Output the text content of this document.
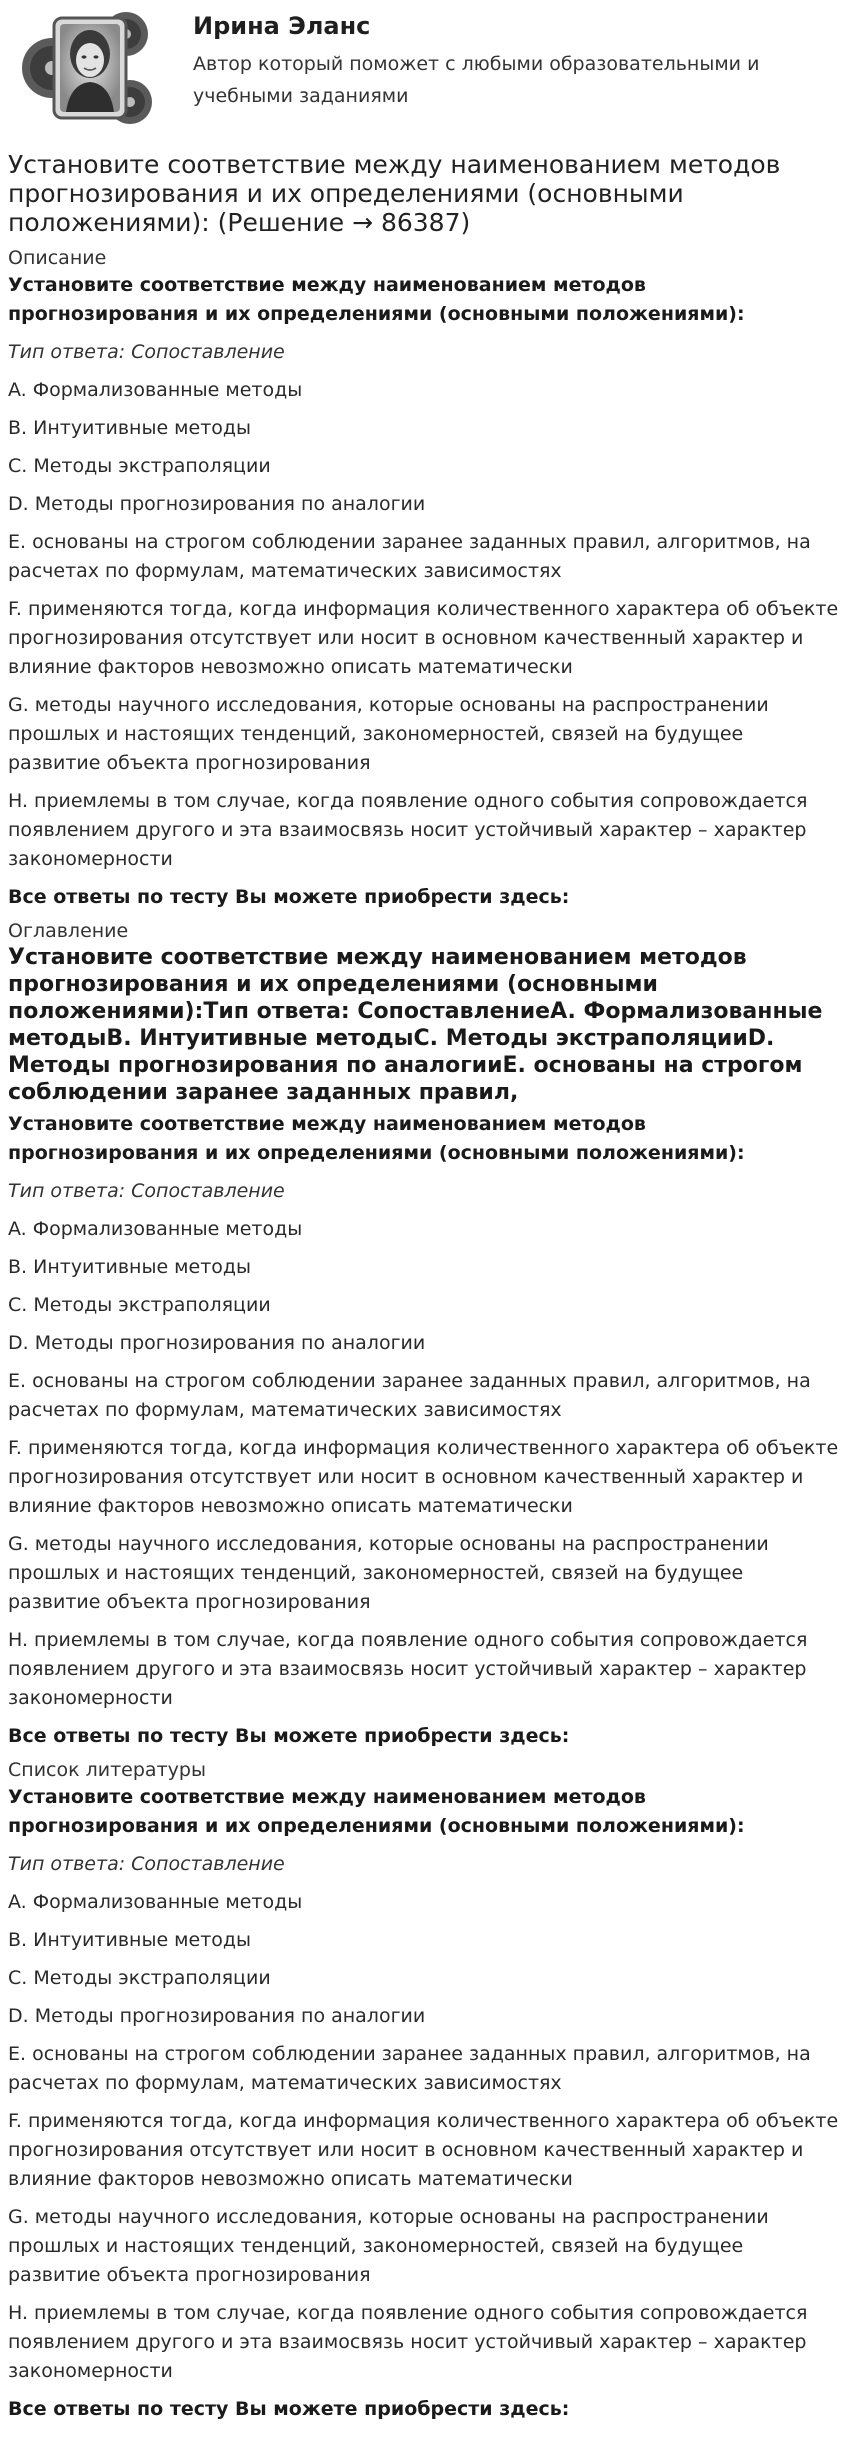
Ирина Эланс

Автор который поможет с любыми образовательными и учебными заданиями

Установите соответствие между наименованием методов прогнозирования и их определениями (основными положениями): (Решение → 86387)
Описание
Установите соответствие между наименованием методов прогнозирования и их определениями (основными положениями):
Тип ответа: Сопоставление
A. Формализованные методы
B. Интуитивные методы
C. Методы экстраполяции
D. Методы прогнозирования по аналогии
E. основаны на строгом соблюдении заранее заданных правил, алгоритмов, на расчетах по формулам, математических зависимостях
F. применяются тогда, когда информация количественного характера об объекте прогнозирования отсутствует или носит в основном качественный характер и влияние факторов невозможно описать математически
G. методы научного исследования, которые основаны на распространении прошлых и настоящих тенденций, закономерностей, связей на будущее развитие объекта прогнозирования
H. приемлемы в том случае, когда появление одного события сопровождается появлением другого и эта взаимосвязь носит устойчивый характер – характер закономерности
Все ответы по тесту Вы можете приобрести здесь:
Оглавление
Установите соответствие между наименованием методов прогнозирования и их определениями (основными положениями):Тип ответа: СопоставлениеA. Формализованные методыB. Интуитивные методыC. Методы экстраполяцииD. Методы прогнозирования по аналогииE. основаны на строгом соблюдении заранее заданных правил,
Установите соответствие между наименованием методов прогнозирования и их определениями (основными положениями):
Тип ответа: Сопоставление
A. Формализованные методы
B. Интуитивные методы
C. Методы экстраполяции
D. Методы прогнозирования по аналогии
E. основаны на строгом соблюдении заранее заданных правил, алгоритмов, на расчетах по формулам, математических зависимостях
F. применяются тогда, когда информация количественного характера об объекте прогнозирования отсутствует или носит в основном качественный характер и влияние факторов невозможно описать математически
G. методы научного исследования, которые основаны на распространении прошлых и настоящих тенденций, закономерностей, связей на будущее развитие объекта прогнозирования
H. приемлемы в том случае, когда появление одного события сопровождается появлением другого и эта взаимосвязь носит устойчивый характер – характер закономерности
Все ответы по тесту Вы можете приобрести здесь:
Список литературы
Установите соответствие между наименованием методов прогнозирования и их определениями (основными положениями):
Тип ответа: Сопоставление
A. Формализованные методы
B. Интуитивные методы
C. Методы экстраполяции
D. Методы прогнозирования по аналогии
E. основаны на строгом соблюдении заранее заданных правил, алгоритмов, на расчетах по формулам, математических зависимостях
F. применяются тогда, когда информация количественного характера об объекте прогнозирования отсутствует или носит в основном качественный характер и влияние факторов невозможно описать математически
G. методы научного исследования, которые основаны на распространении прошлых и настоящих тенденций, закономерностей, связей на будущее развитие объекта прогнозирования
H. приемлемы в том случае, когда появление одного события сопровождается появлением другого и эта взаимосвязь носит устойчивый характер – характер закономерности
Все ответы по тесту Вы можете приобрести здесь:
